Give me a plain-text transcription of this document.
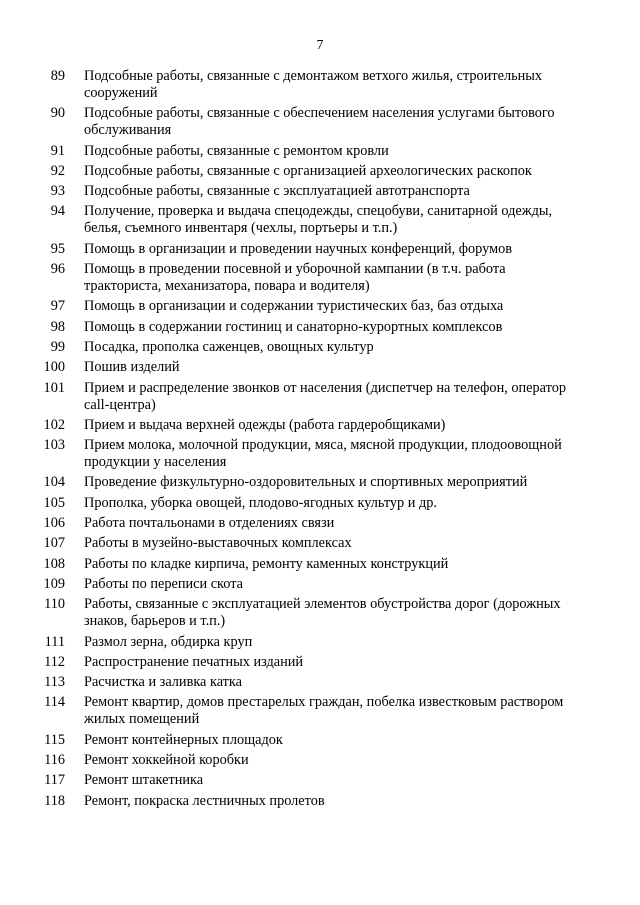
7
89	Подсобные работы, связанные с демонтажом ветхого жилья, строительных сооружений
90	Подсобные работы, связанные с обеспечением населения услугами бытового обслуживания
91	Подсобные работы, связанные с ремонтом кровли
92	Подсобные работы, связанные с организацией археологических раскопок
93	Подсобные работы, связанные с эксплуатацией автотранспорта
94	Получение, проверка и выдача спецодежды, спецобуви, санитарной одежды, белья, съемного инвентаря (чехлы, портьеры и т.п.)
95	Помощь в организации и проведении научных конференций, форумов
96	Помощь в проведении посевной и уборочной кампании (в т.ч. работа тракториста, механизатора, повара и водителя)
97	Помощь в организации и содержании туристических баз, баз отдыха
98	Помощь в содержании гостиниц и санаторно-курортных комплексов
99	Посадка, прополка саженцев, овощных культур
100	Пошив изделий
101	Прием и распределение звонков от населения (диспетчер на телефон, оператор call-центра)
102	Прием и выдача верхней одежды (работа гардеробщиками)
103	Прием молока, молочной продукции, мяса, мясной продукции, плодоовощной продукции у населения
104	Проведение физкультурно-оздоровительных и спортивных мероприятий
105	Прополка, уборка овощей, плодово-ягодных культур и др.
106	Работа почтальонами в отделениях связи
107	Работы в музейно-выставочных комплексах
108	Работы по кладке кирпича, ремонту каменных конструкций
109	Работы по переписи скота
110	Работы, связанные с эксплуатацией элементов обустройства дорог (дорожных знаков, барьеров и т.п.)
111	Размол зерна, обдирка круп
112	Распространение печатных изданий
113	Расчистка и заливка катка
114	Ремонт квартир, домов престарелых граждан, побелка известковым раствором жилых помещений
115	Ремонт контейнерных площадок
116	Ремонт хоккейной коробки
117	Ремонт штакетника
118	Ремонт, покраска лестничных пролетов
